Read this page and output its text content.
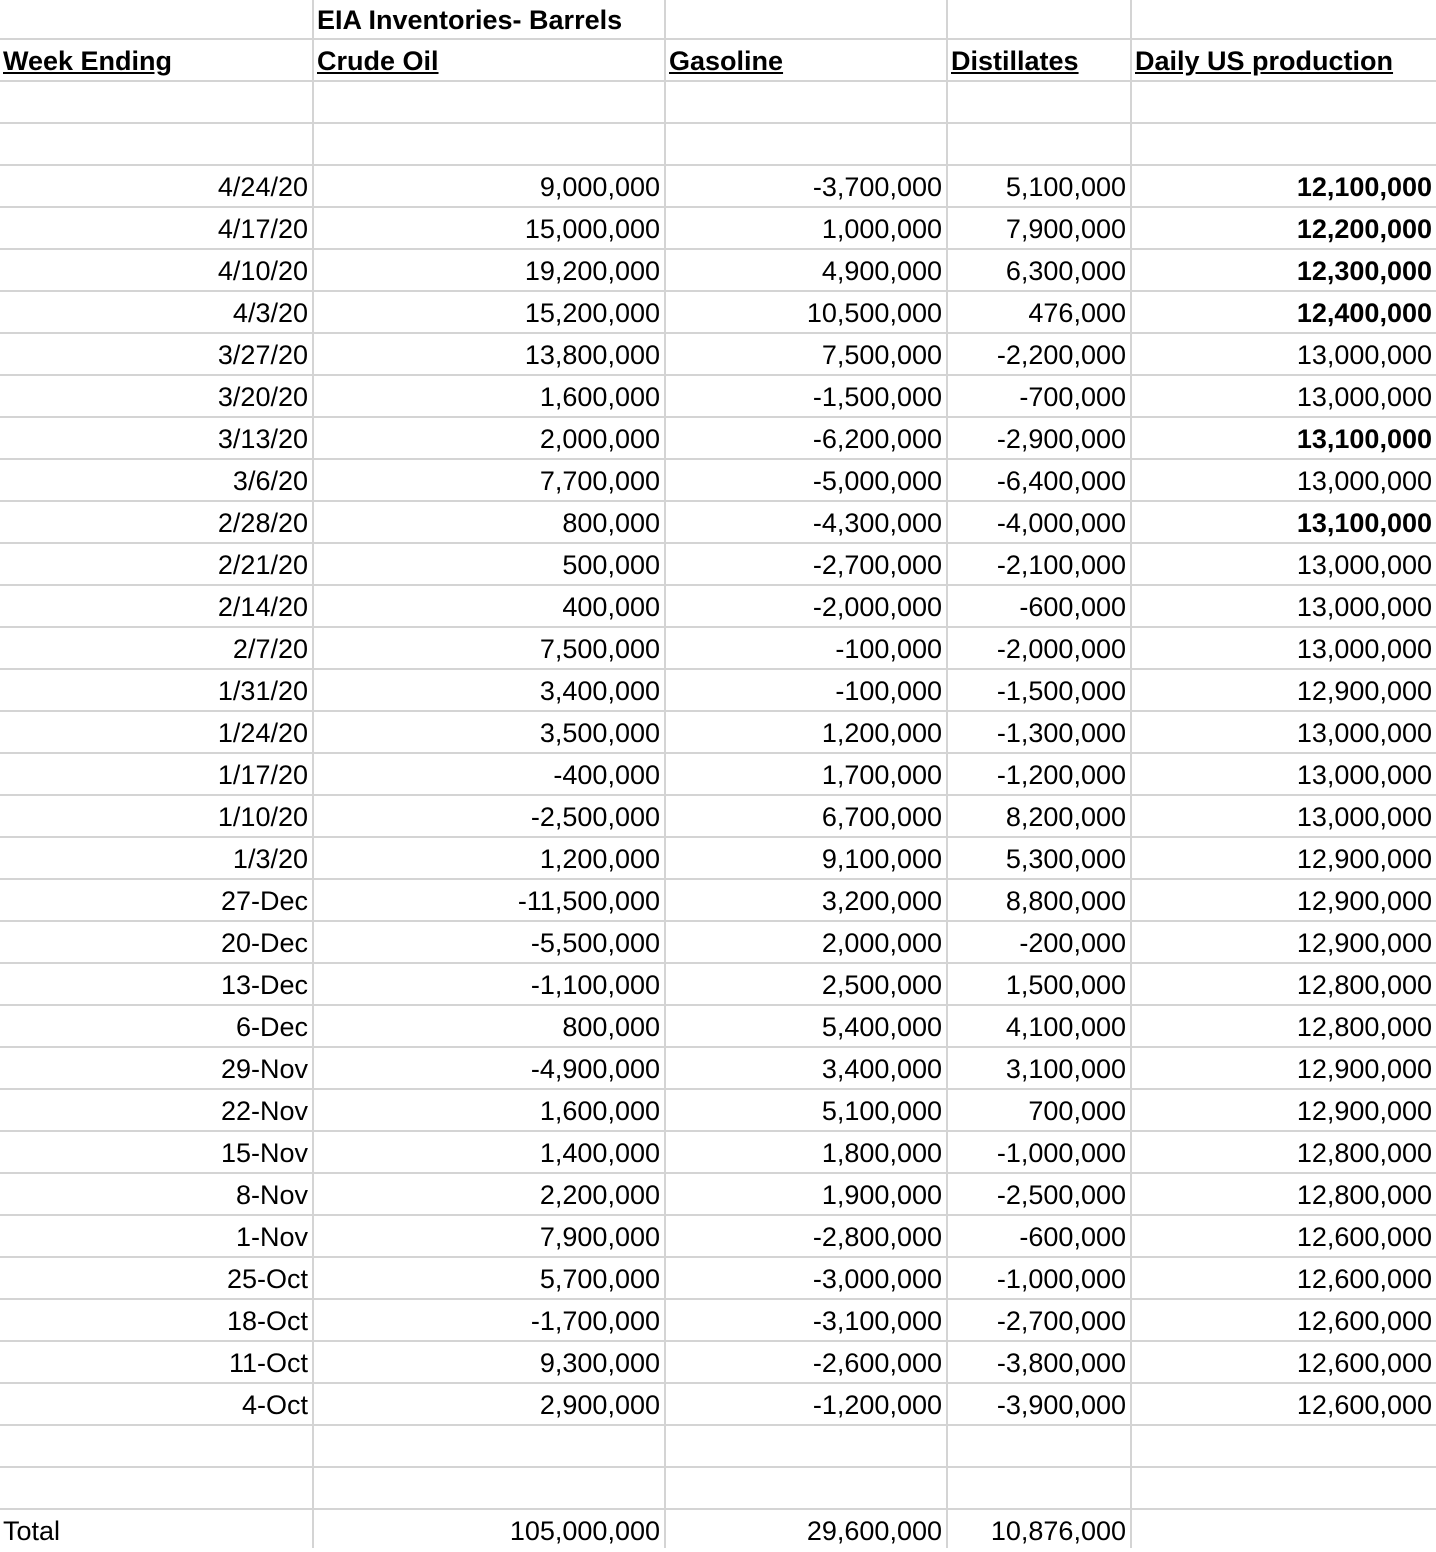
EIA Inventories- Barrels
Week Ending	Crude Oil	Gasoline	Distillates	Daily US production
4/24/20	9,000,000	-3,700,000	5,100,000	12,100,000
4/17/20	15,000,000	1,000,000	7,900,000	12,200,000
4/10/20	19,200,000	4,900,000	6,300,000	12,300,000
4/3/20	15,200,000	10,500,000	476,000	12,400,000
3/27/20	13,800,000	7,500,000	-2,200,000	13,000,000
3/20/20	1,600,000	-1,500,000	-700,000	13,000,000
3/13/20	2,000,000	-6,200,000	-2,900,000	13,100,000
3/6/20	7,700,000	-5,000,000	-6,400,000	13,000,000
2/28/20	800,000	-4,300,000	-4,000,000	13,100,000
2/21/20	500,000	-2,700,000	-2,100,000	13,000,000
2/14/20	400,000	-2,000,000	-600,000	13,000,000
2/7/20	7,500,000	-100,000	-2,000,000	13,000,000
1/31/20	3,400,000	-100,000	-1,500,000	12,900,000
1/24/20	3,500,000	1,200,000	-1,300,000	13,000,000
1/17/20	-400,000	1,700,000	-1,200,000	13,000,000
1/10/20	-2,500,000	6,700,000	8,200,000	13,000,000
1/3/20	1,200,000	9,100,000	5,300,000	12,900,000
27-Dec	-11,500,000	3,200,000	8,800,000	12,900,000
20-Dec	-5,500,000	2,000,000	-200,000	12,900,000
13-Dec	-1,100,000	2,500,000	1,500,000	12,800,000
6-Dec	800,000	5,400,000	4,100,000	12,800,000
29-Nov	-4,900,000	3,400,000	3,100,000	12,900,000
22-Nov	1,600,000	5,100,000	700,000	12,900,000
15-Nov	1,400,000	1,800,000	-1,000,000	12,800,000
8-Nov	2,200,000	1,900,000	-2,500,000	12,800,000
1-Nov	7,900,000	-2,800,000	-600,000	12,600,000
25-Oct	5,700,000	-3,000,000	-1,000,000	12,600,000
18-Oct	-1,700,000	-3,100,000	-2,700,000	12,600,000
11-Oct	9,300,000	-2,600,000	-3,800,000	12,600,000
4-Oct	2,900,000	-1,200,000	-3,900,000	12,600,000
Total	105,000,000	29,600,000	10,876,000
